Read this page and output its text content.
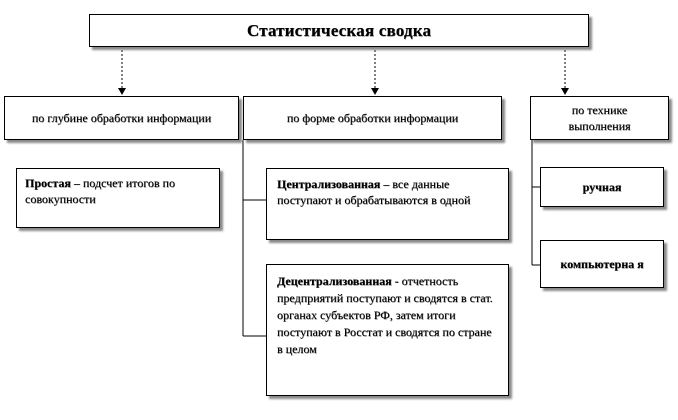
Статистическая сводка
по глубине обработки информации	по форме обработки информации
по технике выполнения
Простая – подсчет итогов по совокупности
Централизованная – все данные поступают и обрабатываются в одной
Децентрализованная - отчетность предприятий поступают и сводятся в стат. органах субъектов РФ, затем итоги поступают в Росстат и сводятся по стране в целом
ручная
компьютерна я
